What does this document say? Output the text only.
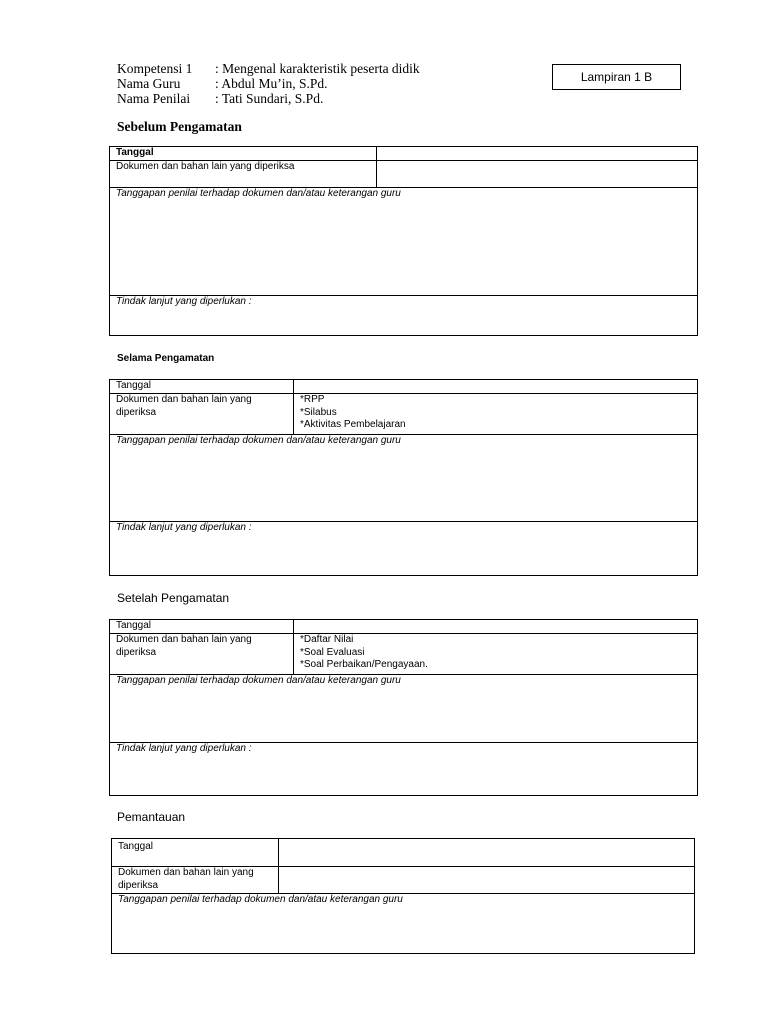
Kompetensi 1 : Mengenal karakteristik peserta didik
Nama Guru	: Abdul Mu’in, S.Pd.
Nama Penilai : Tati Sundari, S.Pd.
Lampiran 1 B
Sebelum Pengamatan
Tanggal	
Dokumen dan bahan lain yang diperiksa	
Tanggapan penilai terhadap dokumen dan/atau keterangan guru	
Tindak lanjut yang diperlukan :	
Selama Pengamatan
Tanggal	
Dokumen dan bahan lain yang diperiksa	*RPP
*Silabus
*Aktivitas Pembelajaran

Tanggapan penilai terhadap dokumen dan/atau keterangan guru	
Tindak lanjut yang diperlukan :	
Setelah Pengamatan
Tanggal	
Dokumen dan bahan lain yang diperiksa	*Daftar Nilai
*Soal Evaluasi
*Soal Perbaikan/Pengayaan.

Tanggapan penilai terhadap dokumen dan/atau keterangan guru	
Tindak lanjut yang diperlukan :	
Pemantauan
Tanggal	
Dokumen dan bahan lain yang diperiksa	
Tanggapan penilai terhadap dokumen dan/atau keterangan guru	
